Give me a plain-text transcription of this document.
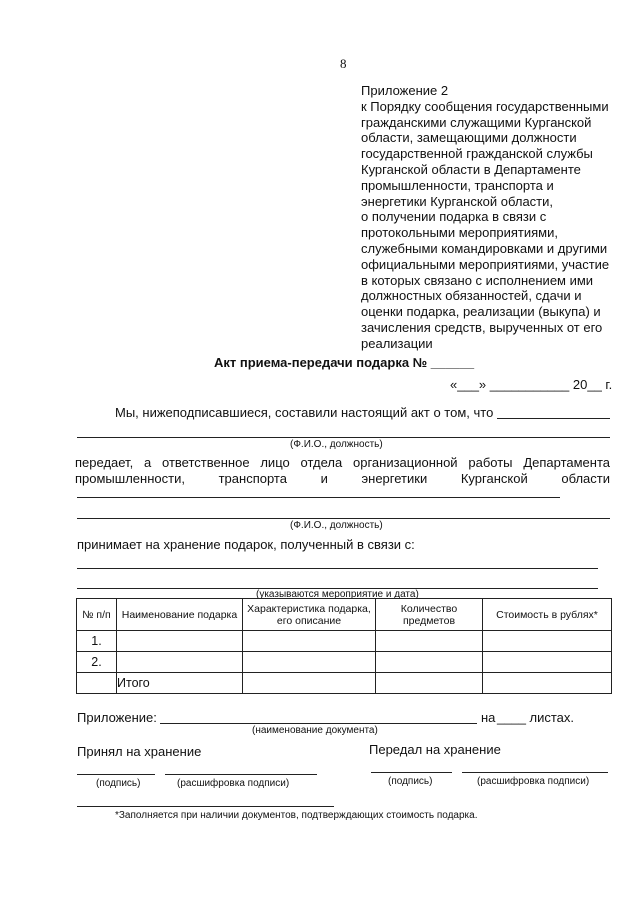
8
Приложение 2
к Порядку сообщения государственными
гражданскими служащими Курганской
области, замещающими должности
государственной гражданской службы
Курганской области в Департаменте
промышленности, транспорта и
энергетики Курганской области,
о получении подарка в связи с
протокольными мероприятиями,
служебными командировками и другими
официальными мероприятиями, участие
в которых связано с исполнением ими
должностных обязанностей, сдачи и
оценки подарка, реализации (выкупа) и
зачисления средств, вырученных от его
реализации
Акт приема-передачи подарка № ______
«___» ___________ 20__ г.
Мы, нижеподписавшиеся, составили настоящий акт о том, что
(Ф.И.О., должность)
передает, а ответственное лицо отдела организационной работы Департамента
промышленности, транспорта и энергетики Курганской области
(Ф.И.О., должность)
принимает на хранение подарок, полученный в связи с:
(указываются мероприятие и дата)
№ п/п	Наименование подарка	Характеристика подарка, его описание	Количество предметов	Стоимость в рублях*
1.				
2.				
	Итого			
Приложение:	на ____ листах.
(наименование документа)
Принял на хранение	Передал на хранение
(подпись)	(расшифровка подписи)	(подпись)	(расшифровка подписи)
*Заполняется при наличии документов, подтверждающих стоимость подарка.
